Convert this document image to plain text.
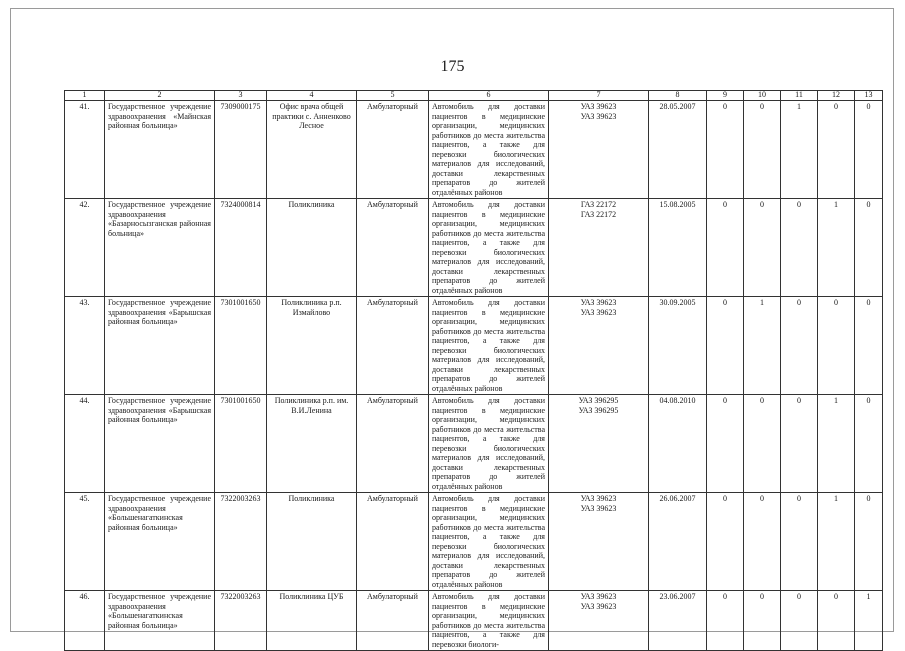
175
1	2	3	4	5	6	7	8	9	10	11	12	13
41.	Государственное учреждение здравоохранения «Майнская районная больница»	7309000175	Офис врача общей практики с. Анненково Лесное	Амбулаторный	Автомобиль для доставки пациентов в медицинские организации, медицинских работников до места жительства пациентов, а также для перевозки биологических материалов для исследований, доставки лекарственных препаратов до жителей отдалённых районов	УАЗ 39623
УАЗ 39623	28.05.2007	0	0	1	0	0
42.	Государственное учреждение здравоохранения «Базарносызганская районная больница»	7324000814	Поликлиника	Амбулаторный	Автомобиль для доставки пациентов в медицинские организации, медицинских работников до места жительства пациентов, а также для перевозки биологических материалов для исследований, доставки лекарственных препаратов до жителей отдалённых районов	ГАЗ 22172
ГАЗ 22172	15.08.2005	0	0	0	1	0
43.	Государственное учреждение здравоохранения «Барышская районная больница»	7301001650	Поликлиника р.п. Измайлово	Амбулаторный	Автомобиль для доставки пациентов в медицинские организации, медицинских работников до места жительства пациентов, а также для перевозки биологических материалов для исследований, доставки лекарственных препаратов до жителей отдалённых районов	УАЗ 39623
УАЗ 39623	30.09.2005	0	1	0	0	0
44.	Государственное учреждение здравоохранения «Барышская районная больница»	7301001650	Поликлиника р.п. им. В.И.Ленина	Амбулаторный	Автомобиль для доставки пациентов в медицинские организации, медицинских работников до места жительства пациентов, а также для перевозки биологических материалов для исследований, доставки лекарственных препаратов до жителей отдалённых районов	УАЗ 396295
УАЗ 396295	04.08.2010	0	0	0	1	0
45.	Государственное учреждение здравоохранения «Большенагаткинская районная больница»	7322003263	Поликлиника	Амбулаторный	Автомобиль для доставки пациентов в медицинские организации, медицинских работников до места жительства пациентов, а также для перевозки биологических материалов для исследований, доставки лекарственных препаратов до жителей отдалённых районов	УАЗ 39623
УАЗ 39623	26.06.2007	0	0	0	1	0
46.	Государственное учреждение здравоохранения «Большенагаткинская районная больница»	7322003263	Поликлиника ЦУБ	Амбулаторный	Автомобиль для доставки пациентов в медицинские организации, медицинских работников до места жительства пациентов, а также для перевозки биологи-	УАЗ 39623
УАЗ 39623	23.06.2007	0	0	0	0	1
